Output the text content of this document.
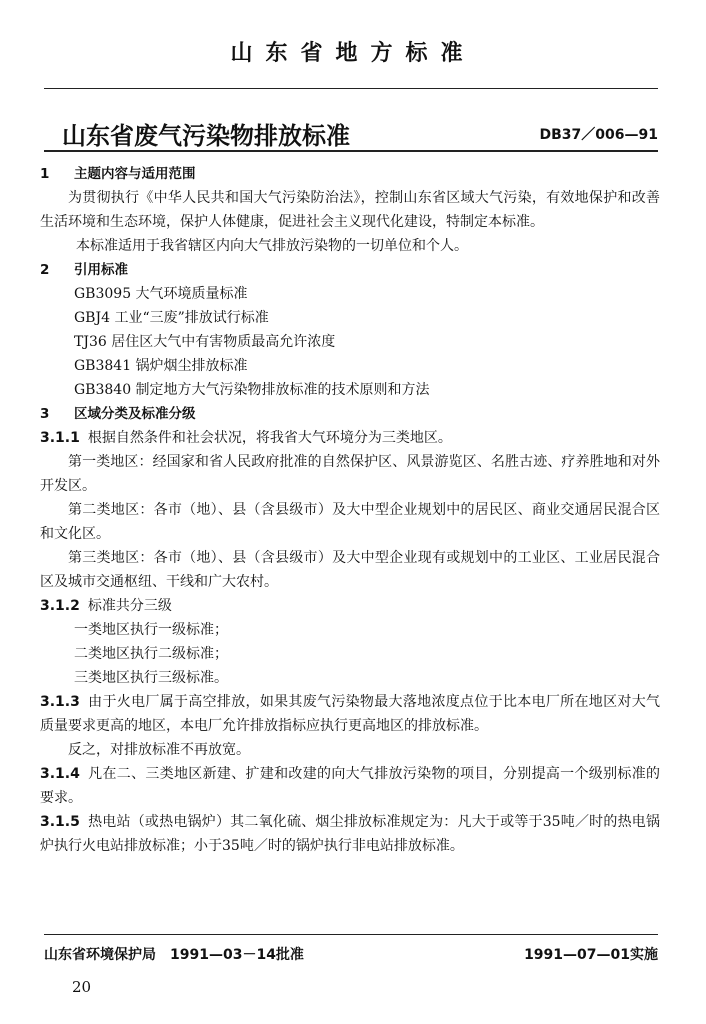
山东省地方标准
山东省废气污染物排放标准	DB37／006—91
1 主题内容与适用范围
为贯彻执行《中华人民共和国大气污染防治法》，控制山东省区域大气污染，有效地保护和改善生活环境和生态环境，保护人体健康，促进社会主义现代化建设，特制定本标准。
本标准适用于我省辖区内向大气排放污染物的一切单位和个人。
2 引用标准
GB3095 大气环境质量标准
GBJ4 工业“三废”排放试行标准
TJ36 居住区大气中有害物质最高允许浓度
GB3841 锅炉烟尘排放标准
GB3840 制定地方大气污染物排放标准的技术原则和方法
3 区域分类及标准分级
3.1.1 根据自然条件和社会状况，将我省大气环境分为三类地区。
第一类地区：经国家和省人民政府批准的自然保护区、风景游览区、名胜古迹、疗养胜地和对外开发区。
第二类地区：各市（地）、县（含县级市）及大中型企业规划中的居民区、商业交通居民混合区和文化区。
第三类地区：各市（地）、县（含县级市）及大中型企业现有或规划中的工业区、工业居民混合区及城市交通枢纽、干线和广大农村。
3.1.2 标准共分三级
一类地区执行一级标准；
二类地区执行二级标准；
三类地区执行三级标准。
3.1.3 由于火电厂属于高空排放，如果其废气污染物最大落地浓度点位于比本电厂所在地区对大气质量要求更高的地区，本电厂允许排放指标应执行更高地区的排放标准。
反之，对排放标准不再放宽。
3.1.4 凡在二、三类地区新建、扩建和改建的向大气排放污染物的项目，分别提高一个级别标准的要求。
3.1.5 热电站（或热电锅炉）其二氧化硫、烟尘排放标准规定为：凡大于或等于35吨／时的热电锅炉执行火电站排放标准；小于35吨／时的锅炉执行非电站排放标准。
山东省环境保护局　1991—03－14批准	1991—07—01实施
20
